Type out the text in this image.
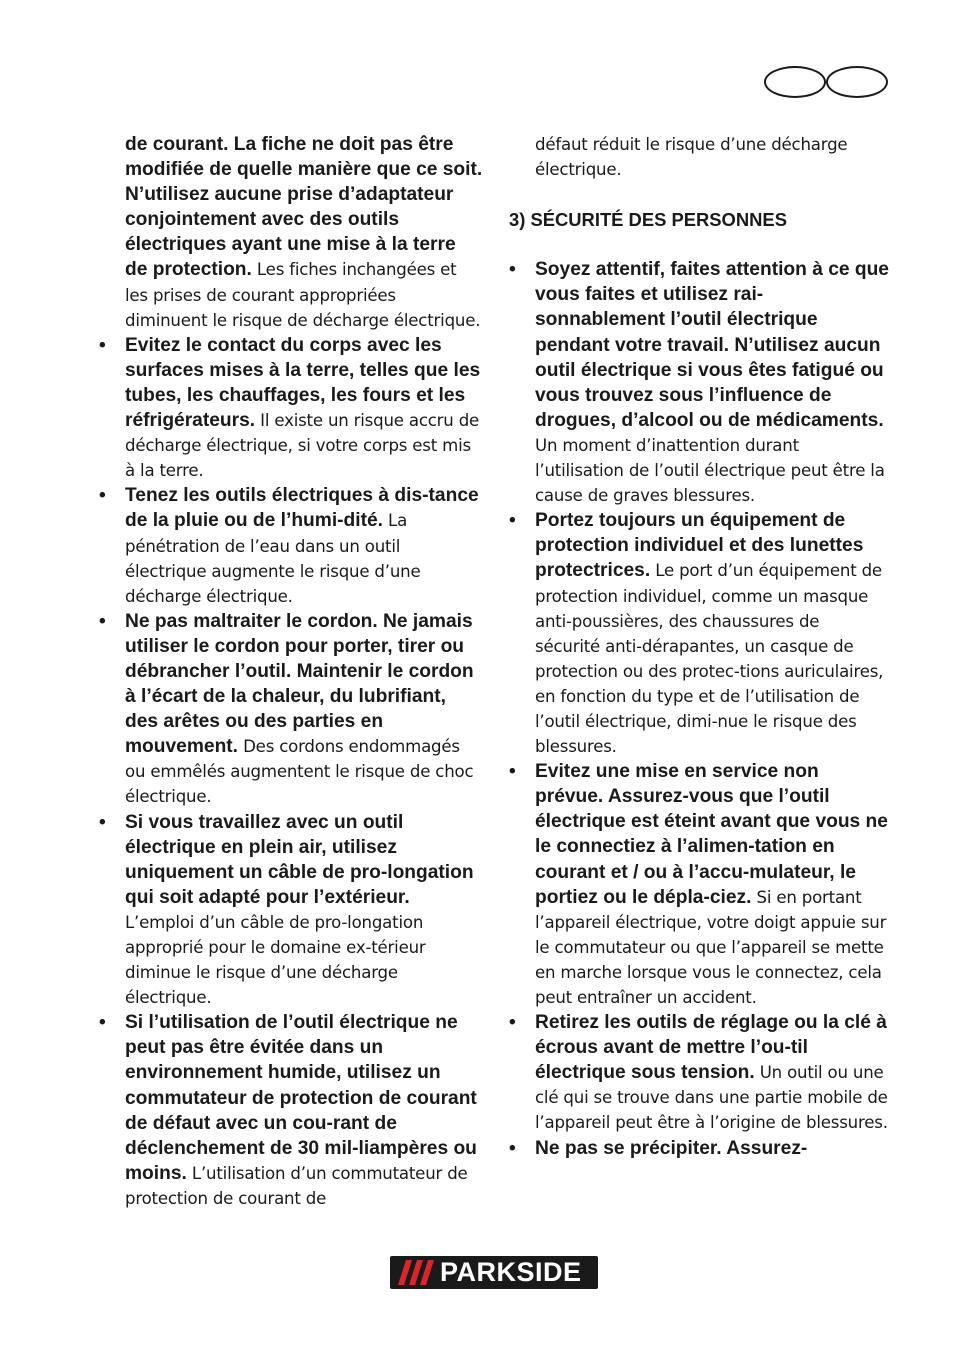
de courant. La fiche ne doit pas être modifiée de quelle manière que ce soit. N’utilisez aucune prise d’adaptateur conjointement avec des outils électriques ayant une mise à la terre de protection. Les fiches inchangées et les prises de courant appropriées diminuent le risque de décharge électrique.
• Evitez le contact du corps avec les surfaces mises à la terre, telles que les tubes, les chauffages, les fours et les réfrigérateurs. Il existe un risque accru de décharge électrique, si votre corps est mis à la terre.
• Tenez les outils électriques à dis-tance de la pluie ou de l’humi-dité. La pénétration de l’eau dans un outil électrique augmente le risque d’une décharge électrique.
• Ne pas maltraiter le cordon. Ne jamais utiliser le cordon pour porter, tirer ou débrancher l’outil. Maintenir le cordon à l’écart de la chaleur, du lubrifiant, des arêtes ou des parties en mouvement. Des cordons endommagés ou emmêlés augmentent le risque de choc électrique.
• Si vous travaillez avec un outil électrique en plein air, utilisez uniquement un câble de pro-longation qui soit adapté pour l’extérieur. L’emploi d’un câble de pro-longation approprié pour le domaine ex-térieur diminue le risque d’une décharge électrique.
• Si l’utilisation de l’outil électrique ne peut pas être évitée dans un environnement humide, utilisez un commutateur de protection de courant de défaut avec un cou-rant de déclenchement de 30 mil-liampères ou moins. L’utilisation d’un commutateur de protection de courant de
défaut réduit le risque d’une décharge électrique.
3) SÉCURITÉ DES PERSONNES
• Soyez attentif, faites attention à ce que vous faites et utilisez rai-sonnablement l’outil électrique pendant votre travail. N’utilisez aucun outil électrique si vous êtes fatigué ou vous trouvez sous l’influence de drogues, d’alcool ou de médicaments. Un moment d’inattention durant l’utilisation de l’outil électrique peut être la cause de graves blessures.
• Portez toujours un équipement de protection individuel et des lunettes protectrices. Le port d’un équipement de protection individuel, comme un masque anti-poussières, des chaussures de sécurité anti-dérapantes, un casque de protection ou des protec-tions auriculaires, en fonction du type et de l’utilisation de l’outil électrique, dimi-nue le risque des blessures.
• Evitez une mise en service non prévue. Assurez-vous que l’outil électrique est éteint avant que vous ne le connectiez à l’alimen-tation en courant et / ou à l’accu-mulateur, le portiez ou le dépla-ciez. Si en portant l’appareil électrique, votre doigt appuie sur le commutateur ou que l’appareil se mette en marche lorsque vous le connectez, cela peut entraîner un accident.
• Retirez les outils de réglage ou la clé à écrous avant de mettre l’ou-til électrique sous tension. Un outil ou une clé qui se trouve dans une partie mobile de l’appareil peut être à l’origine de blessures.
• Ne pas se précipiter. Assurez-
PARKSIDE
